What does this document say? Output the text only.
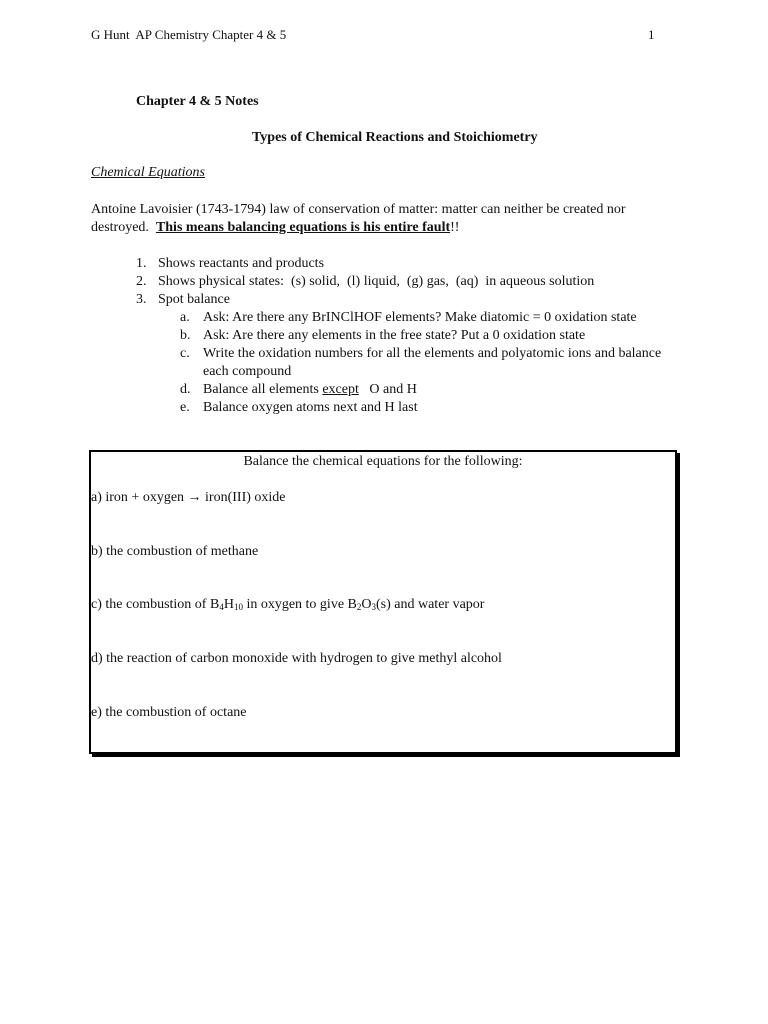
G Hunt  AP Chemistry Chapter 4 & 5	1
Chapter 4 & 5 Notes
Types of Chemical Reactions and Stoichiometry
Chemical Equations
Antoine Lavoisier (1743-1794) law of conservation of matter: matter can neither be created nor destroyed.  This means balancing equations is his entire fault!!
1. Shows reactants and products
2. Shows physical states:  (s) solid,  (l) liquid,  (g) gas,  (aq)  in aqueous solution
3. Spot balance
a. Ask: Are there any BrINClHOF elements? Make diatomic = 0 oxidation state
b. Ask: Are there any elements in the free state? Put a 0 oxidation state
c. Write the oxidation numbers for all the elements and polyatomic ions and balance each compound
d. Balance all elements except   O and H
e. Balance oxygen atoms next and H last
Balance the chemical equations for the following:
a) iron + oxygen → iron(III) oxide
b) the combustion of methane
c) the combustion of $B_4H_{10}$ in oxygen to give $B_2O_3(s)$ and water vapor
d) the reaction of carbon monoxide with hydrogen to give methyl alcohol
e) the combustion of octane
